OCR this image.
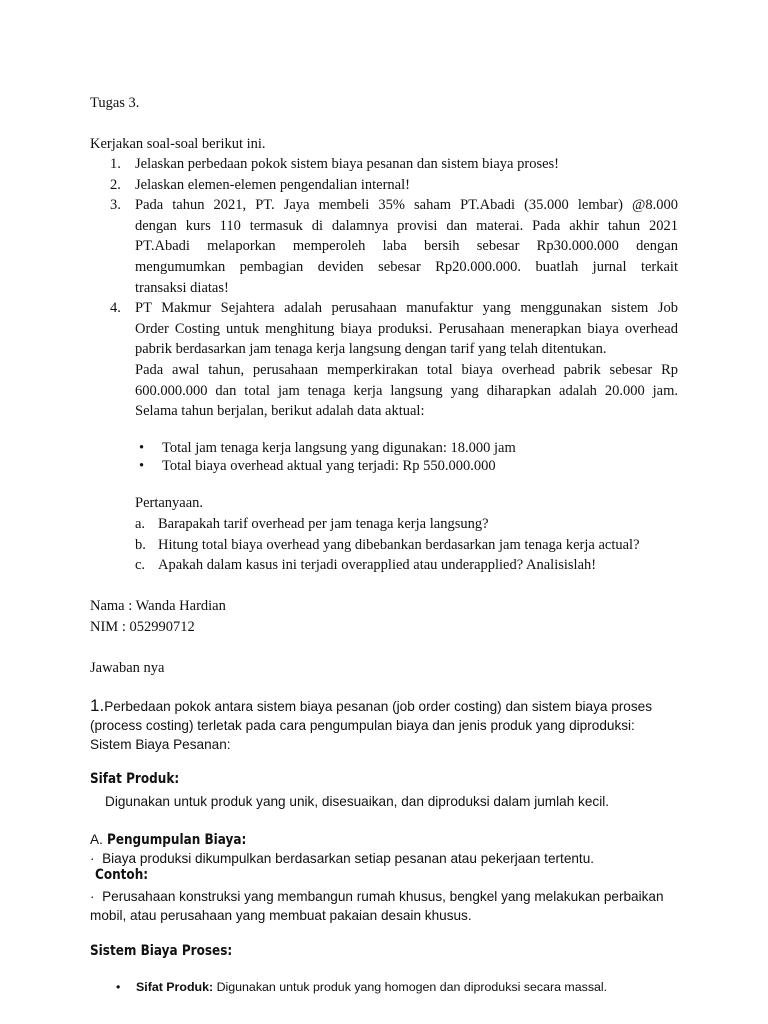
Tugas 3.

Kerjakan soal-soal berikut ini.

1. Jelaskan perbedaan pokok sistem biaya pesanan dan sistem biaya proses!
2. Jelaskan elemen-elemen pengendalian internal!
3. Pada tahun 2021, PT. Jaya membeli 35% saham PT.Abadi (35.000 lembar) @8.000
dengan kurs 110 termasuk di dalamnya provisi dan materai. Pada akhir tahun 2021
PT.Abadi melaporkan memperoleh laba bersih sebesar Rp30.000.000 dengan
mengumumkan pembagian deviden sebesar Rp20.000.000. buatlah jurnal terkait
transaksi diatas!
4. PT Makmur Sejahtera adalah perusahaan manufaktur yang menggunakan sistem Job
Order Costing untuk menghitung biaya produksi. Perusahaan menerapkan biaya overhead
pabrik berdasarkan jam tenaga kerja langsung dengan tarif yang telah ditentukan.
Pada awal tahun, perusahaan memperkirakan total biaya overhead pabrik sebesar Rp
600.000.000 dan total jam tenaga kerja langsung yang diharapkan adalah 20.000 jam.
Selama tahun berjalan, berikut adalah data aktual:
• Total jam tenaga kerja langsung yang digunakan: 18.000 jam
• Total biaya overhead aktual yang terjadi: Rp 550.000.000

Pertanyaan.

a. Barapakah tarif overhead per jam tenaga kerja langsung?
b. Hitung total biaya overhead yang dibebankan berdasarkan jam tenaga kerja actual?
c. Apakah dalam kasus ini terjadi overapplied atau underapplied? Analisislah!

Nama : Wanda Hardian

NIM : 052990712

Jawaban nya

1.Perbedaan pokok antara sistem biaya pesanan (job order costing) dan sistem biaya proses
(process costing) terletak pada cara pengumpulan biaya dan jenis produk yang diproduksi:
Sistem Biaya Pesanan:

Sifat Produk:

Digunakan untuk produk yang unik, disesuaikan, dan diproduksi dalam jumlah kecil.

A. Pengumpulan Biaya:

· Biaya produksi dikumpulkan berdasarkan setiap pesanan atau pekerjaan tertentu.

Contoh:

· Perusahaan konstruksi yang membangun rumah khusus, bengkel yang melakukan perbaikan

mobil, atau perusahaan yang membuat pakaian desain khusus.

Sistem Biaya Proses:

• Sifat Produk: Digunakan untuk produk yang homogen dan diproduksi secara massal.
